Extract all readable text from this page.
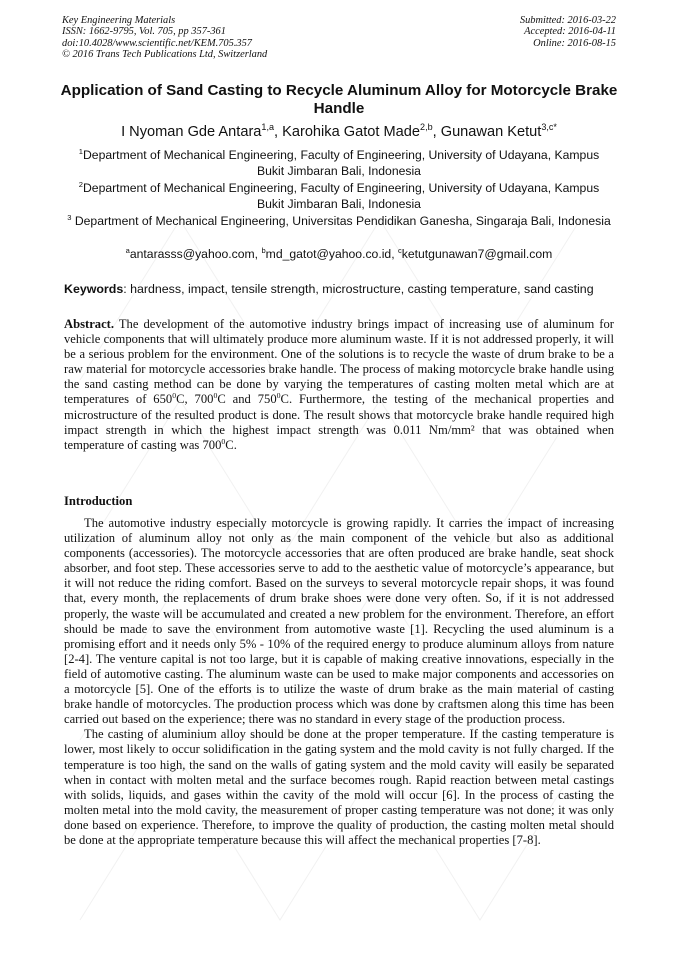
Key Engineering Materials
ISSN: 1662-9795, Vol. 705, pp 357-361
doi:10.4028/www.scientific.net/KEM.705.357
© 2016 Trans Tech Publications Ltd, Switzerland
Submitted: 2016-03-22
Accepted: 2016-04-11
Online: 2016-08-15
Application of Sand Casting to Recycle Aluminum Alloy for Motorcycle Brake Handle
I Nyoman Gde Antara$^{1,a}$, Karohika Gatot Made$^{2,b}$, Gunawan Ketut$^{3,c*}$
$^1$Department of Mechanical Engineering, Faculty of Engineering, University of Udayana, Kampus Bukit Jimbaran Bali, Indonesia
$^2$Department of Mechanical Engineering, Faculty of Engineering, University of Udayana, Kampus Bukit Jimbaran Bali, Indonesia
$^3$ Department of Mechanical Engineering, Universitas Pendidikan Ganesha, Singaraja Bali, Indonesia
$^a$antarasss@yahoo.com, $^b$md_gatot@yahoo.co.id, $^c$ketutgunawan7@gmail.com
Keywords: hardness, impact, tensile strength, microstructure, casting temperature, sand casting
Abstract. The development of the automotive industry brings impact of increasing use of aluminum for vehicle components that will ultimately produce more aluminum waste. If it is not addressed properly, it will be a serious problem for the environment. One of the solutions is to recycle the waste of drum brake to be a raw material for motorcycle accessories brake handle. The process of making motorcycle brake handle using the sand casting method can be done by varying the temperatures of casting molten metal which are at temperatures of $650^0C$, $700^0C$ and $750^0C$. Furthermore, the testing of the mechanical properties and microstructure of the resulted product is done. The result shows that motorcycle brake handle required high impact strength in which the highest impact strength was 0.011 Nm/mm² that was obtained when temperature of casting was $700^0C$.
Introduction

The automotive industry especially motorcycle is growing rapidly. It carries the impact of increasing utilization of aluminum alloy not only as the main component of the vehicle but also as additional components (accessories). The motorcycle accessories that are often produced are brake handle, seat shock absorber, and foot step. These accessories serve to add to the aesthetic value of motorcycle’s appearance, but it will not reduce the riding comfort. Based on the surveys to several motorcycle repair shops, it was found that, every month, the replacements of drum brake shoes were done very often. So, if it is not addressed properly, the waste will be accumulated and created a new problem for the environment. Therefore, an effort should be made to save the environment from automotive waste [1]. Recycling the used aluminum is a promising effort and it needs only 5% - 10% of the required energy to produce aluminum alloys from nature [2-4]. The venture capital is not too large, but it is capable of making creative innovations, especially in the field of automotive casting. The aluminum waste can be used to make major components and accessories on a motorcycle [5]. One of the efforts is to utilize the waste of drum brake as the main material of casting brake handle of motorcycles. The production process which was done by craftsmen along this time has been carried out based on the experience; there was no standard in every stage of the production process.

The casting of aluminium alloy should be done at the proper temperature. If the casting temperature is lower, most likely to occur solidification in the gating system and the mold cavity is not fully charged. If the temperature is too high, the sand on the walls of gating system and the mold cavity will easily be separated when in contact with molten metal and the surface becomes rough. Rapid reaction between metal castings with solids, liquids, and gases within the cavity of the mold will occur [6]. In the process of casting the molten metal into the mold cavity, the measurement of proper casting temperature was not done; it was only done based on experience. Therefore, to improve the quality of production, the casting molten metal should be done at the appropriate temperature because this will affect the mechanical properties [7-8].
